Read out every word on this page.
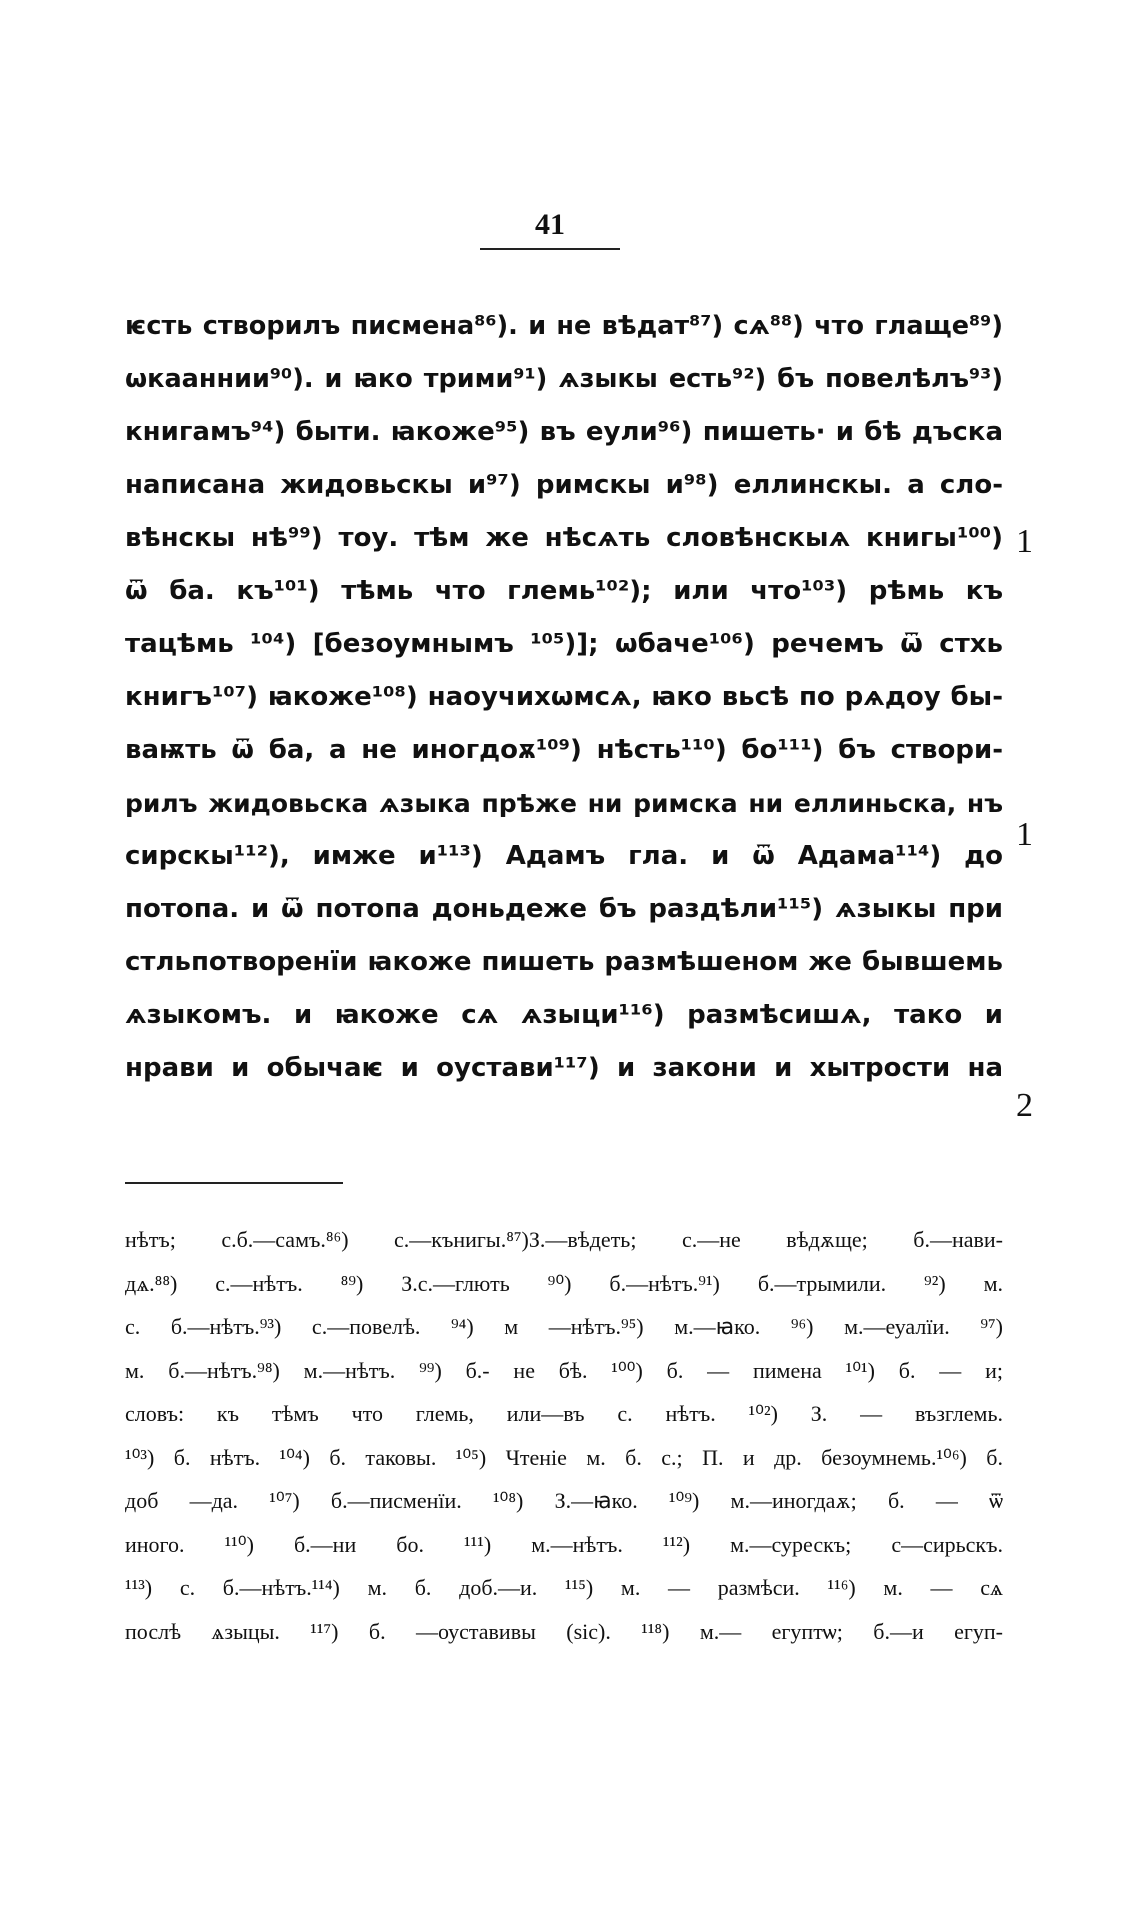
41
ѥсть створилъ писмена⁸⁶). и не вѣдат⁸⁷) сѧ⁸⁸) что глаще⁸⁹)
ѡкааннии⁹⁰). и ꙗко трими⁹¹) ѧзыкы есть⁹²) бъ повелѣлъ⁹³)
книгамъ⁹⁴) быти. ꙗкоже⁹⁵) въ еули⁹⁶) пишеть· и бѣ дъска
написана жидовьскы и⁹⁷) римскы и⁹⁸) еллинскы. а сло-
вѣнскы нѣ⁹⁹) тоу. тѣм же нѣсѧть словѣнскыѧ книгы¹⁰⁰)
ѿ ба. къ¹⁰¹) тѣмь что глемь¹⁰²); или что¹⁰³) рѣмь къ
тацѣмь ¹⁰⁴) [безоумнымъ ¹⁰⁵)]; ѡбаче¹⁰⁶) речемъ ѿ стхь
книгъ¹⁰⁷) ꙗкоже¹⁰⁸) наоучихѡмсѧ, ꙗко вьсѣ по рѧдоу бы-
ваѭть ѿ ба, а не иногдоѫ¹⁰⁹) нѣсть¹¹⁰) бо¹¹¹) бъ створи-
рилъ жидовьска ѧзыка прѣже ни римска ни еллиньска, нъ
сирскы¹¹²), имже и¹¹³) Адамъ гла. и ѿ Адама¹¹⁴) до
потопа. и ѿ потопа доньдеже бъ раздѣли¹¹⁵) ѧзыкы при
стльпотворенїи ꙗкоже пишеть размѣшеном же бывшемь
ѧзыкомъ. и ꙗкоже сѧ ѧзыци¹¹⁶) размѣсишѧ, тако и
нрави и обычаѥ и оустави¹¹⁷) и закони и хытрости на
1
1
2
нѣтъ; с.б.—самъ.⁸⁶) с.—кънигы.⁸⁷)З.—вѣдеть; с.—не вѣдѫще; б.—нави-
дѧ.⁸⁸) с.—нѣтъ. ⁸⁹) З.с.—глють ⁹⁰) б.—нѣтъ.⁹¹) б.—трымили. ⁹²) м.
с. б.—нѣтъ.⁹³) с.—повелѣ. ⁹⁴) м —нѣтъ.⁹⁵) м.—ꙗко. ⁹⁶) м.—еуалїи. ⁹⁷)
м. б.—нѣтъ.⁹⁸) м.—нѣтъ. ⁹⁹) б.- не бѣ. ¹⁰⁰) б. — пимена ¹⁰¹) б. — и;
словъ: къ тѣмъ что глемь, или—въ с. нѣтъ. ¹⁰²) З. — възглемь.
¹⁰³) б. нѣтъ. ¹⁰⁴) б. таковы. ¹⁰⁵) Чтеніе м. б. с.; П. и др. безоумнемь.¹⁰⁶) б.
доб —да. ¹⁰⁷) б.—писменїи. ¹⁰⁸) З.—ꙗко. ¹⁰⁹) м.—иногдаѫ; б. — ѿ
иного. ¹¹⁰) б.—ни бо. ¹¹¹) м.—нѣтъ. ¹¹²) м.—сурескъ; с—сирьскъ.
¹¹³) с. б.—нѣтъ.¹¹⁴) м. б. доб.—и. ¹¹⁵) м. — размѣси. ¹¹⁶) м. — сѧ
послѣ ѧзыцы. ¹¹⁷) б. —оуставивы (sic). ¹¹⁸) м.— егуптѡ; б.—и егуп-
